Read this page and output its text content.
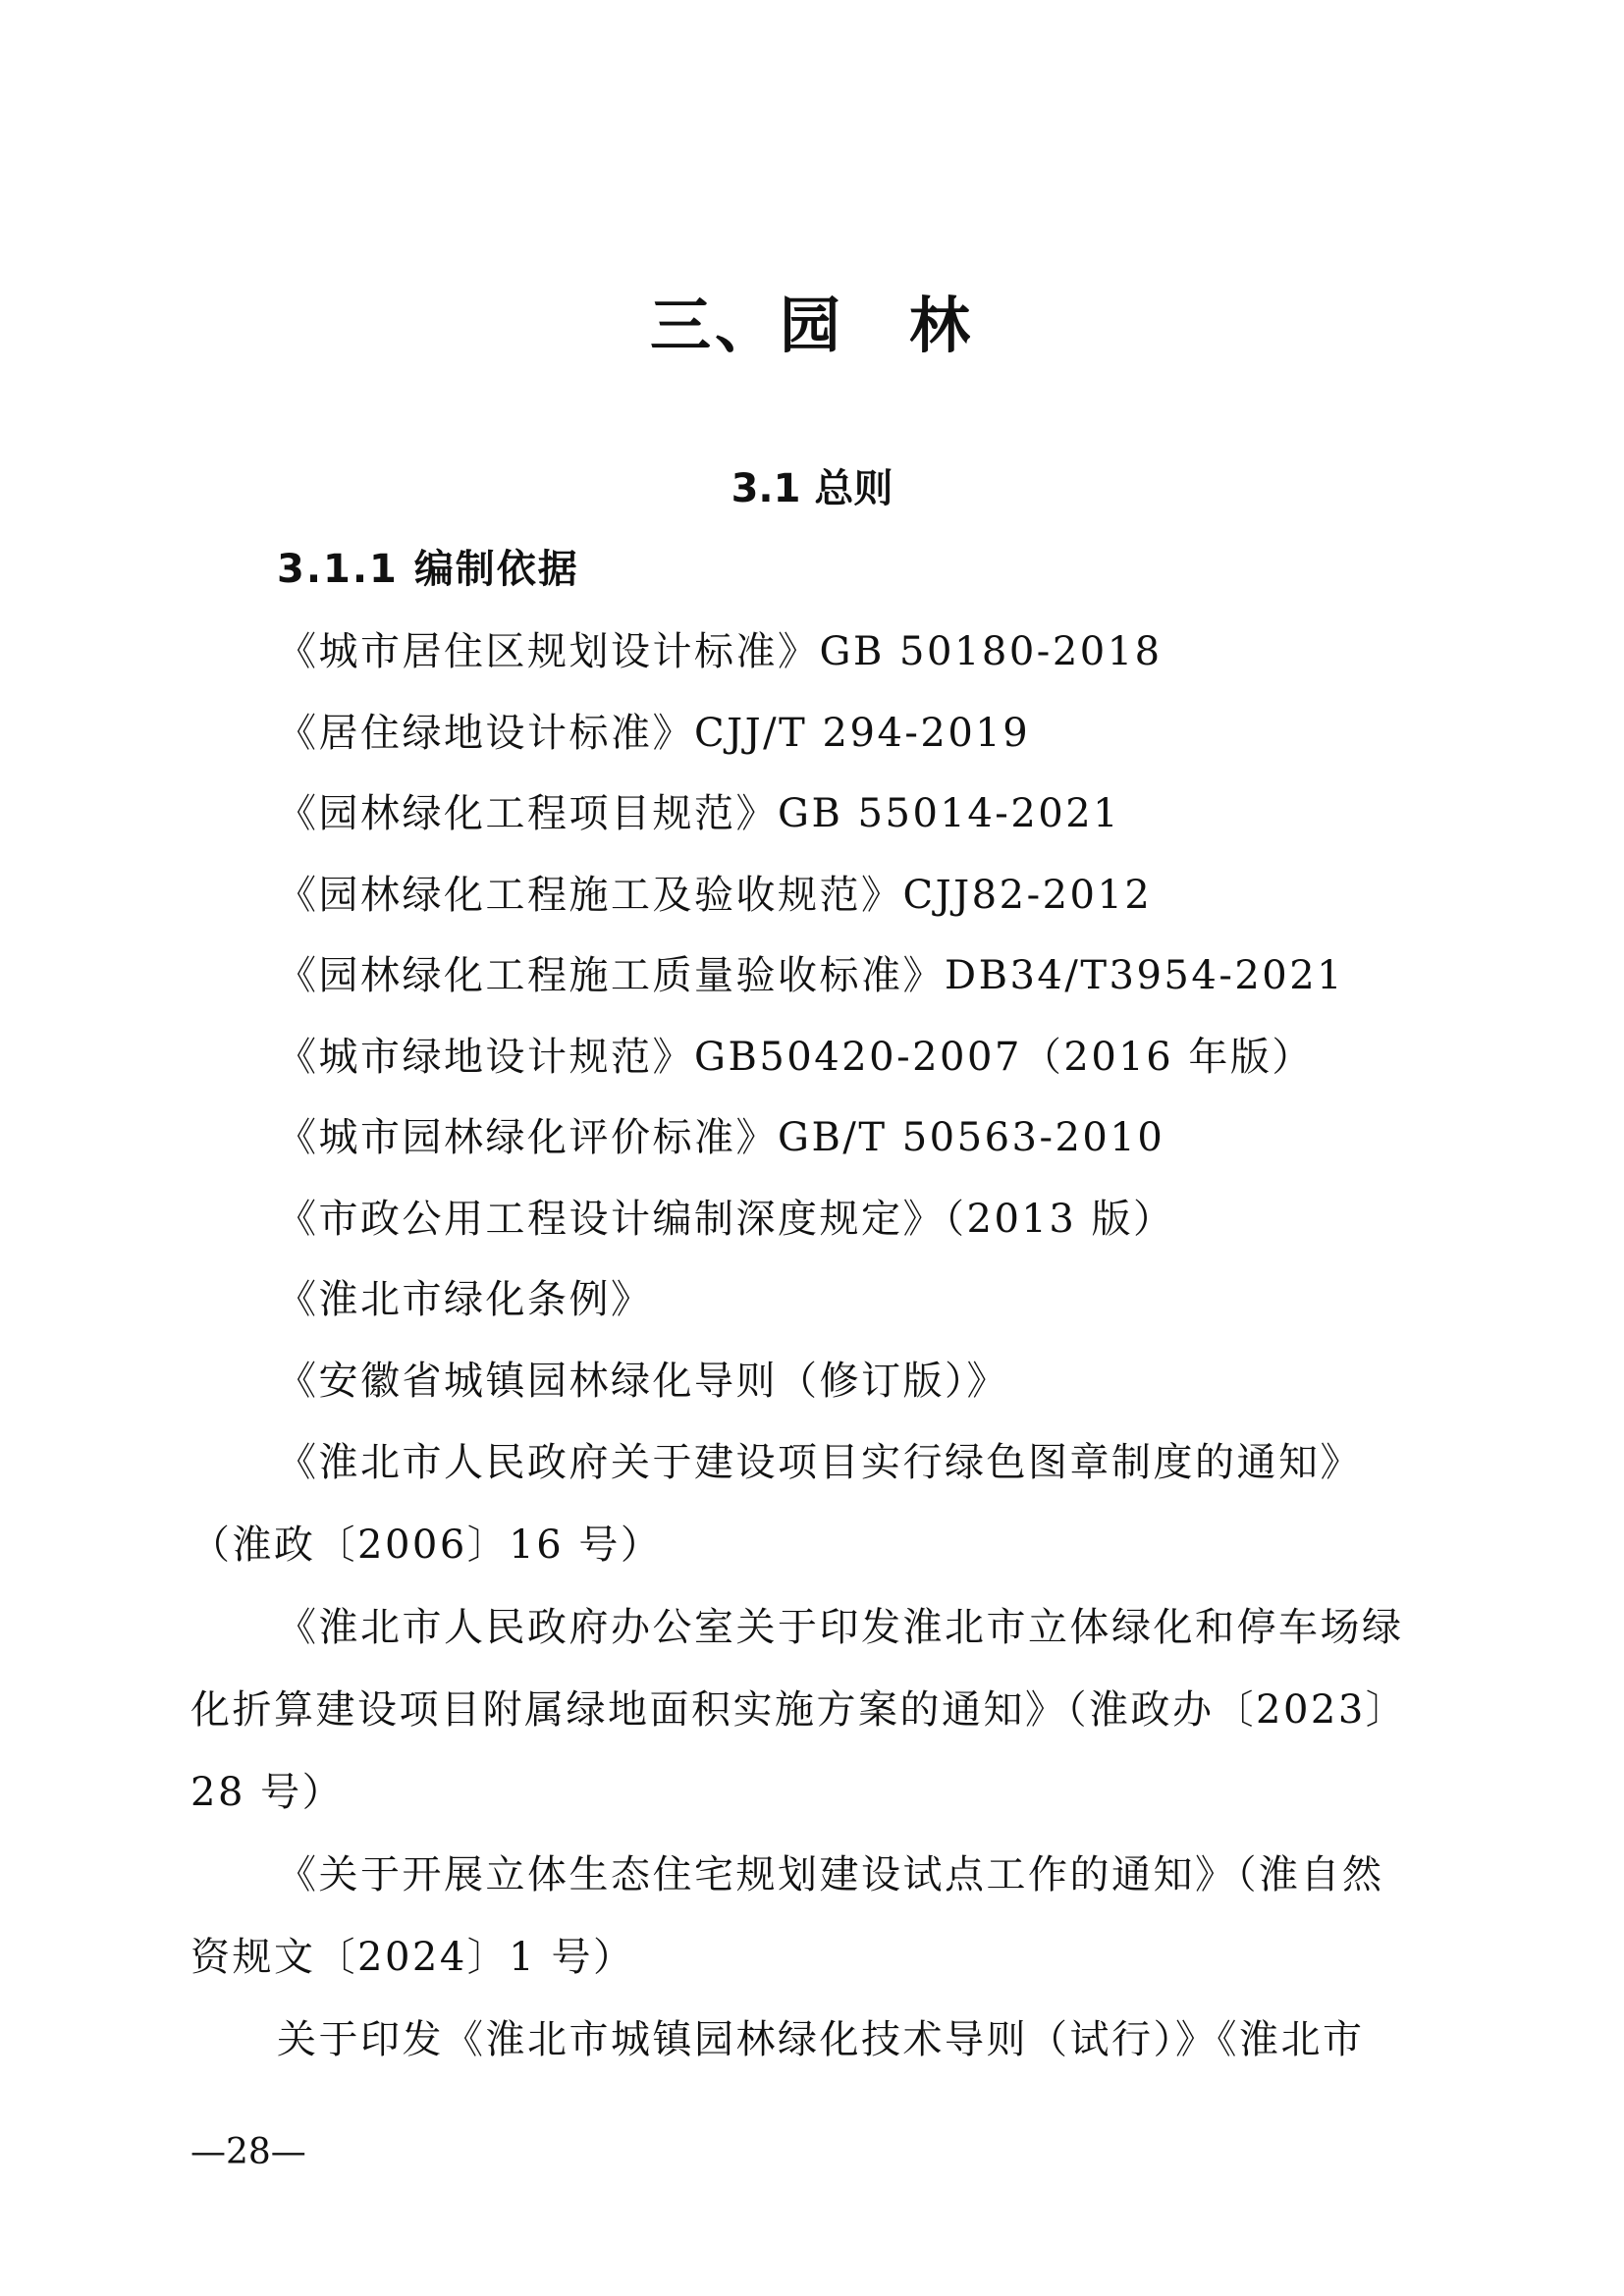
三、园　林
3.1 总则
3.1.1 编制依据
《城市居住区规划设计标准》GB 50180-2018
《居住绿地设计标准》CJJ/T 294-2019
《园林绿化工程项目规范》GB 55014-2021
《园林绿化工程施工及验收规范》CJJ82-2012
《园林绿化工程施工质量验收标准》DB34/T3954-2021
《城市绿地设计规范》GB50420-2007（2016 年版）
《城市园林绿化评价标准》GB/T 50563-2010
《市政公用工程设计编制深度规定》（2013 版）
《淮北市绿化条例》
《安徽省城镇园林绿化导则（修订版）》
《淮北市人民政府关于建设项目实行绿色图章制度的通知》（淮政〔2006〕16 号）
《淮北市人民政府办公室关于印发淮北市立体绿化和停车场绿化折算建设项目附属绿地面积实施方案的通知》（淮政办〔2023〕28 号）
《关于开展立体生态住宅规划建设试点工作的通知》（淮自然资规文〔2024〕1 号）
关于印发《淮北市城镇园林绿化技术导则（试行）》《淮北市
—28—
